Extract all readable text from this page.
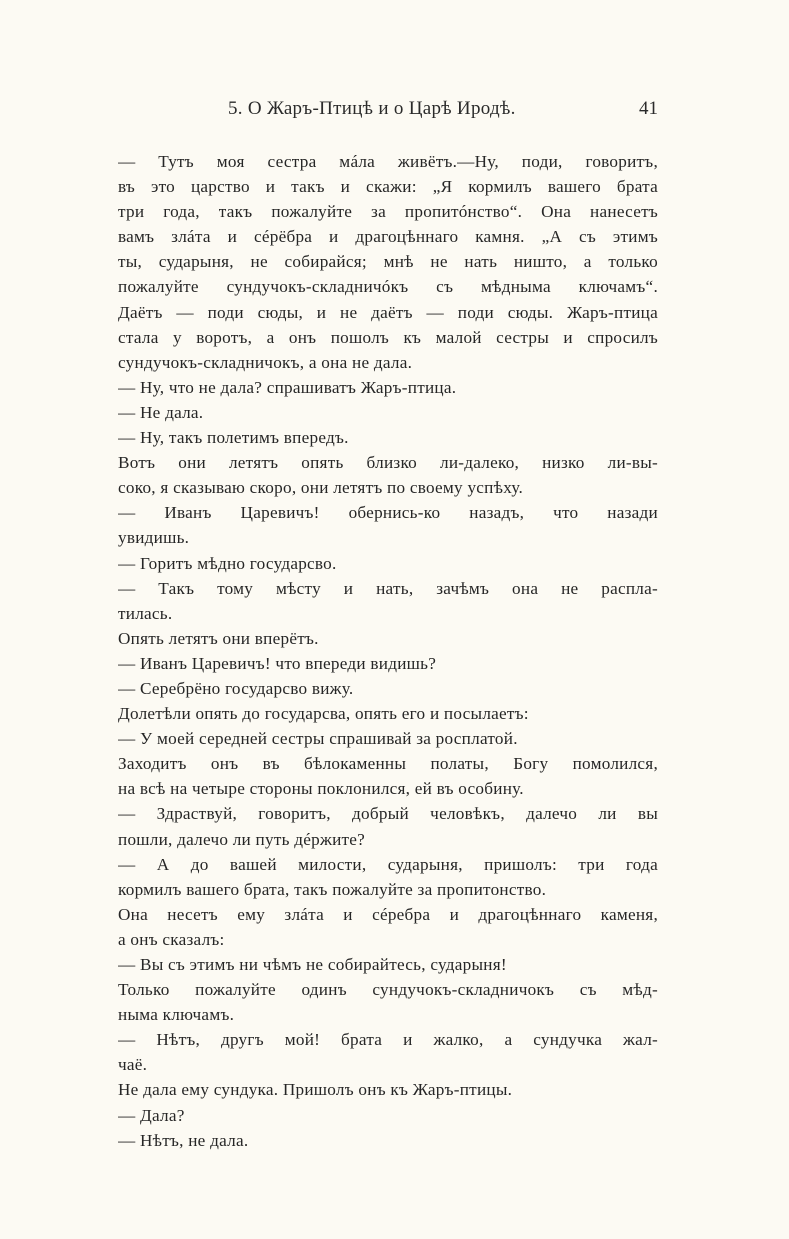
5. О Жаръ-Птицѣ и о Царѣ Иродѣ.	41
— Тутъ моя сестра мáла живётъ.—Ну, поди, говоритъ,
въ это царство и такъ и скажи: „Я кормилъ вашего брата
три года, такъ пожалуйте за пропитóнство“. Она нанесетъ
вамъ злáта и сéрёбра и драгоцѣннаго камня. „А съ этимъ
ты, сударыня, не собирайся; мнѣ не нать ништо, а только
пожалуйте сундучокъ-складничóкъ съ мѣдныма ключамъ“.
Даётъ — поди сюды, и не даётъ — поди сюды. Жаръ-птица
стала у воротъ, а онъ пошолъ къ малой сестры и спросилъ
сундучокъ-складничокъ, а она не дала.
— Ну, что не дала? спрашиватъ Жаръ-птица.
— Не дала.
— Ну, такъ полетимъ впередъ.
Вотъ они летятъ опять близко ли-далеко, низко ли-вы-
соко, я сказываю скоро, они летятъ по своему успѣху.
— Иванъ Царевичъ! обернись-ко назадъ, что назади
увидишь.
— Горитъ мѣдно государсво.
— Такъ тому мѣсту и нать, зачѣмъ она не распла-
тилась.
Опять летятъ они вперётъ.
— Иванъ Царевичъ! что впереди видишь?
— Серебрёно государсво вижу.
Долетѣли опять до государсва, опять его и посылаетъ:
— У моей середней сестры спрашивай за росплатой.
Заходитъ онъ въ бѣлокаменны полаты, Богу помолился,
на всѣ на четыре стороны поклонился, ей въ особину.
— Здраствуй, говоритъ, добрый человѣкъ, далечо ли вы
пошли, далечо ли путь дéржите?
— А до вашей милости, сударыня, пришолъ: три года
кормилъ вашего брата, такъ пожалуйте за пропитонство.
Она несетъ ему злáта и сéребра и драгоцѣннаго каменя,
а онъ сказалъ:
— Вы съ этимъ ни чѣмъ не собирайтесь, сударыня!
Только пожалуйте одинъ сундучокъ-складничокъ съ мѣд-
ныма ключамъ.
— Нѣтъ, другъ мой! брата и жалко, а сундучка жал-
чаё.
Не дала ему сундука. Пришолъ онъ къ Жаръ-птицы.
— Дала?
— Нѣтъ, не дала.
